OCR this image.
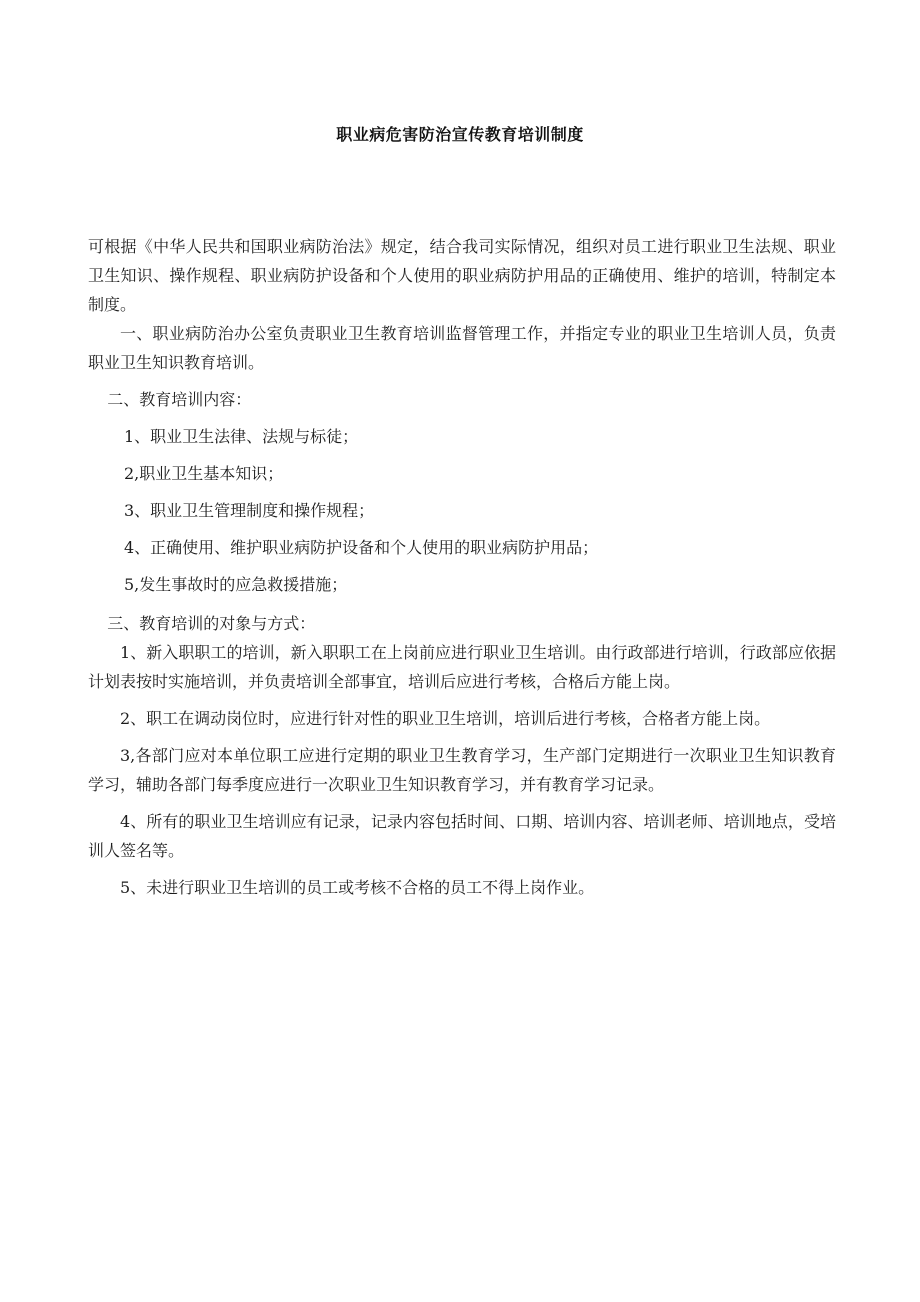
职业病危害防治宣传教育培训制度

可根据《中华人民共和国职业病防治法》规定，结合我司实际情况，组织对员工进行职业卫生法规、职业卫生知识、操作规程、职业病防护设备和个人使用的职业病防护用品的正确使用、维护的培训，特制定本制度。

一、职业病防治办公室负责职业卫生教育培训监督管理工作，并指定专业的职业卫生培训人员，负责职业卫生知识教育培训。

二、教育培训内容：

1、职业卫生法律、法规与标徒；

2,职业卫生基本知识；

3、职业卫生管理制度和操作规程；

4、正确使用、维护职业病防护设备和个人使用的职业病防护用品；

5,发生事故时的应急救援措施；

三、教育培训的对象与方式：

1、新入职职工的培训，新入职职工在上岗前应进行职业卫生培训。由行政部进行培训，行政部应依据计划表按时实施培训，并负责培训全部事宜，培训后应进行考核，合格后方能上岗。

2、职工在调动岗位时，应进行针对性的职业卫生培训，培训后进行考核，合格者方能上岗。

3,各部门应对本单位职工应进行定期的职业卫生教育学习，生产部门定期进行一次职业卫生知识教育学习，辅助各部门每季度应进行一次职业卫生知识教育学习，并有教育学习记录。

4、所有的职业卫生培训应有记录，记录内容包括时间、口期、培训内容、培训老师、培训地点，受培训人签名等。

5、未进行职业卫生培训的员工或考核不合格的员工不得上岗作业。
